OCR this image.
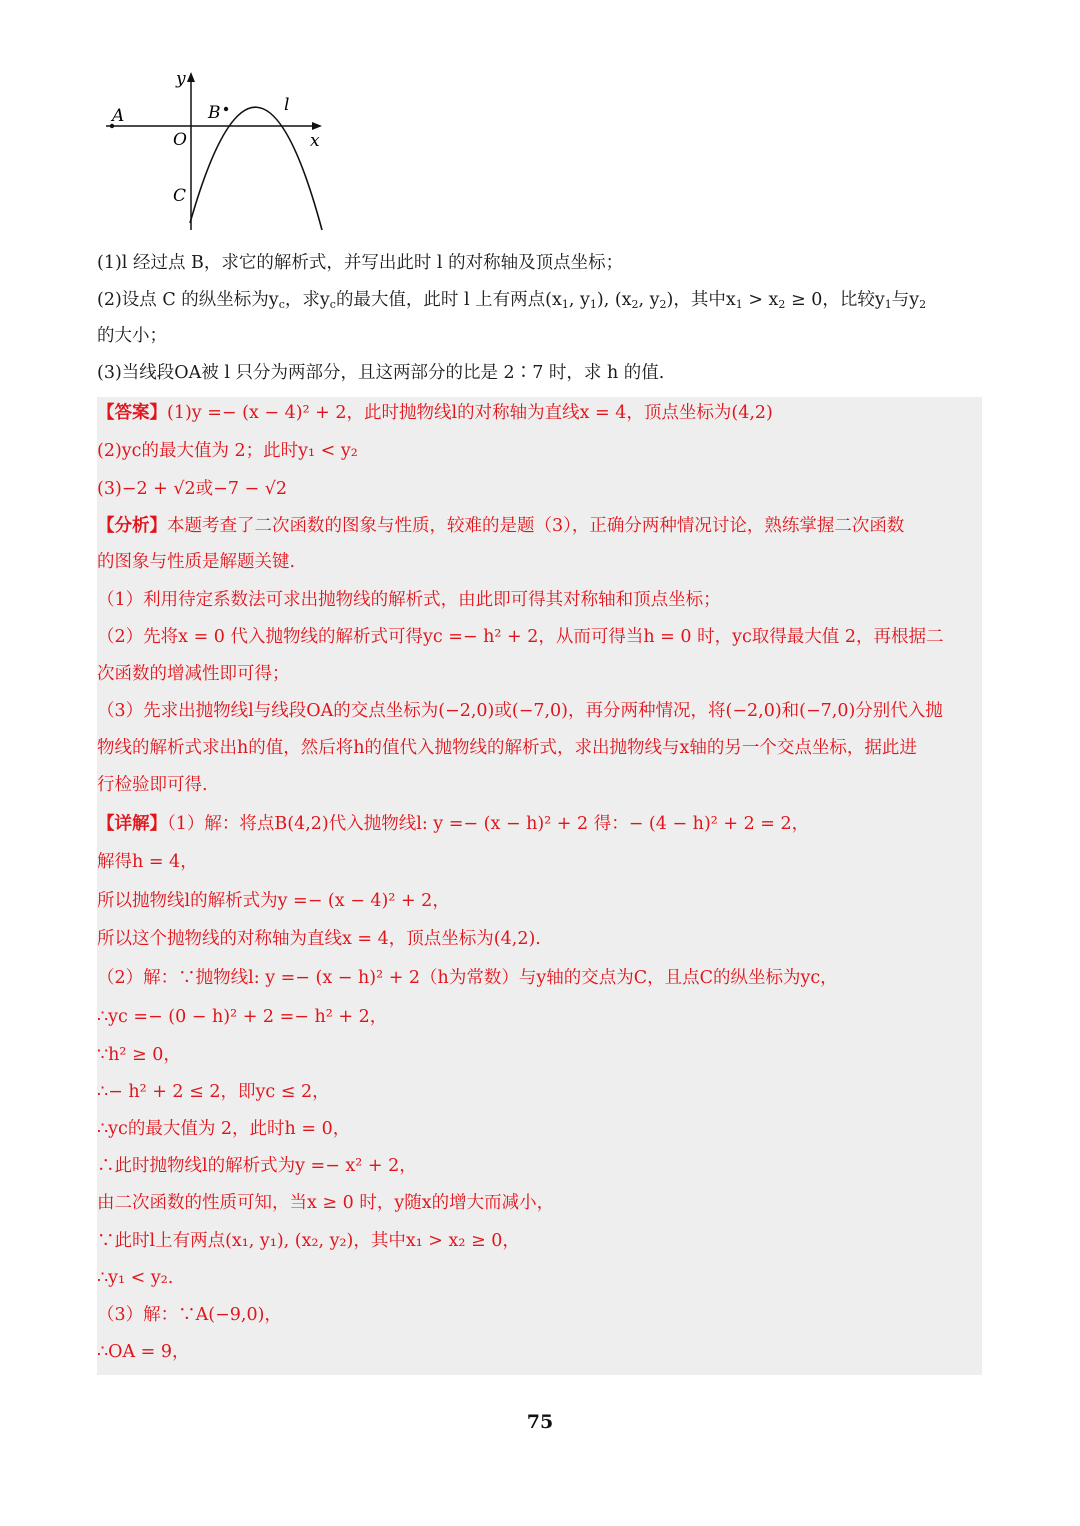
y
x
A	B
O
C
l
(1)l 经过点 B，求它的解析式，并写出此时 l 的对称轴及顶点坐标；
(2)设点 C 的纵坐标为$y_c$，求$y_c$的最大值，此时 l 上有两点($x_1$, $y_1$), ($x_2$, $y_2$)，其中$x_1 > x_2 \ge 0$，比较$y_1$与$y_2$
的大小；
(3)当线段OA被 l 只分为两部分，且这两部分的比是 2∶7 时，求 h 的值.
【答案】(1)y =− (x − 4)² + 2，此时抛物线l的对称轴为直线x = 4，顶点坐标为(4,2)
(2)yc的最大值为 2；此时y₁ < y₂
(3)−2 + √2或−7 − √2
【分析】本题考查了二次函数的图象与性质，较难的是题（3），正确分两种情况讨论，熟练掌握二次函数
的图象与性质是解题关键.
（1）利用待定系数法可求出抛物线的解析式，由此即可得其对称轴和顶点坐标；
（2）先将x = 0 代入抛物线的解析式可得yc =− h² + 2，从而可得当h = 0 时，yc取得最大值 2，再根据二
次函数的增减性即可得；
（3）先求出抛物线l与线段OA的交点坐标为(−2,0)或(−7,0)，再分两种情况，将(−2,0)和(−7,0)分别代入抛
物线的解析式求出h的值，然后将h的值代入抛物线的解析式，求出抛物线与x轴的另一个交点坐标，据此进
行检验即可得.
【详解】（1）解：将点B(4,2)代入抛物线l: y =− (x − h)² + 2 得：− (4 − h)² + 2 = 2，
解得h = 4，
所以抛物线l的解析式为y =− (x − 4)² + 2，
所以这个抛物线的对称轴为直线x = 4，顶点坐标为(4,2).
（2）解：∵抛物线l: y =− (x − h)² + 2（h为常数）与y轴的交点为C，且点C的纵坐标为yc，
∴yc =− (0 − h)² + 2 =− h² + 2，
∵h² ≥ 0，
∴− h² + 2 ≤ 2，即yc ≤ 2，
∴yc的最大值为 2，此时h = 0，
∴此时抛物线l的解析式为y =− x² + 2，
由二次函数的性质可知，当x ≥ 0 时，y随x的增大而减小，
∵此时l上有两点(x₁, y₁), (x₂, y₂)，其中x₁ > x₂ ≥ 0，
∴y₁ < y₂.
（3）解：∵A(−9,0)，
∴OA = 9，
75
